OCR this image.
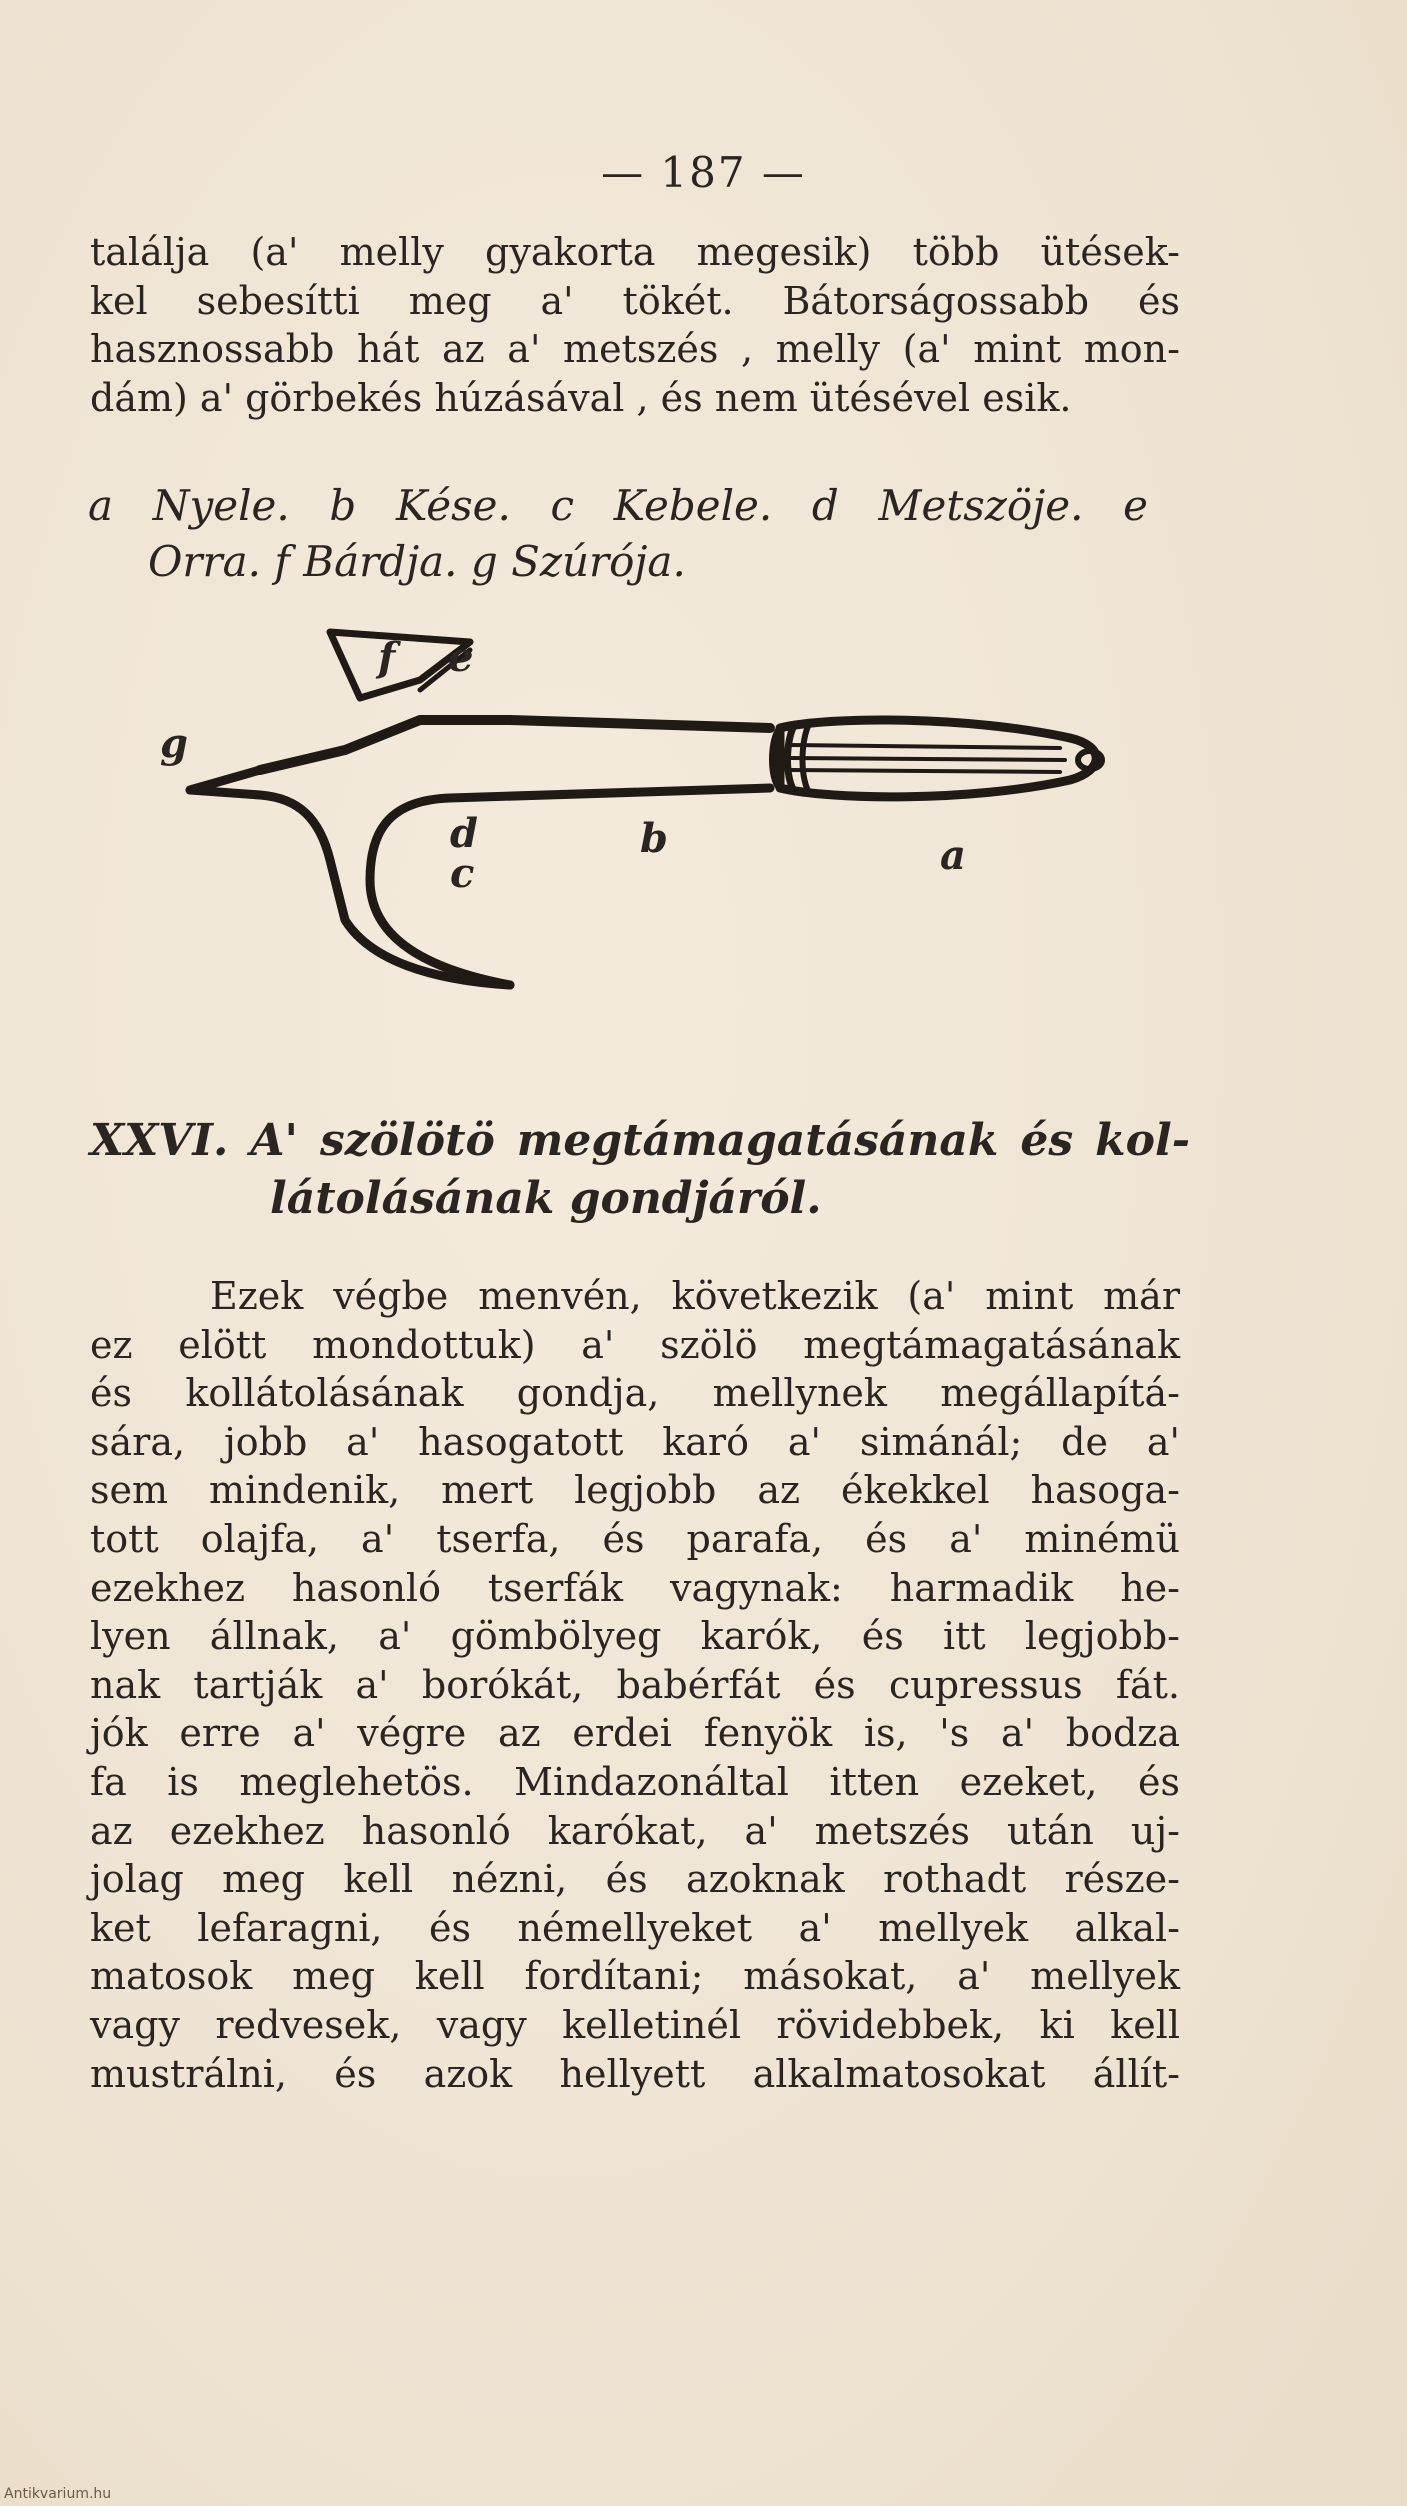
— 187 —
találja (a' melly gyakorta megesik) több ütések-
kel sebesítti meg a' tökét. Bátorságossabb és
hasznossabb hát az a' metszés , melly (a' mint mon-
dám) a' görbekés húzásával , és nem ütésével esik.
a Nyele. b Kése. c Kebele. d Metszöje. e
Orra. f Bárdja. g Szúrója.
g
f e
d
c
b	a
XXVI. A' szölötö megtámagatásának és kol-
látolásának gondjáról.
Ezek végbe menvén, következik (a' mint már
ez elött mondottuk) a' szölö megtámagatásának
és kollátolásának gondja, mellynek megállapítá-
sára, jobb a' hasogatott karó a' simánál; de a'
sem mindenik, mert legjobb az ékekkel hasoga-
tott olajfa, a' tserfa, és parafa, és a' minémü
ezekhez hasonló tserfák vagynak: harmadik he-
lyen állnak, a' gömbölyeg karók, és itt legjobb-
nak tartják a' borókát, babérfát és cupressus fát.
jók erre a' végre az erdei fenyök is, 's a' bodza
fa is meglehetös. Mindazonáltal itten ezeket, és
az ezekhez hasonló karókat, a' metszés után uj-
jolag meg kell nézni, és azoknak rothadt része-
ket lefaragni, és némellyeket a' mellyek alkal-
matosok meg kell fordítani; másokat, a' mellyek
vagy redvesek, vagy kelletinél rövidebbek, ki kell
mustrálni, és azok hellyett alkalmatosokat állít-
Antikvarium.hu
